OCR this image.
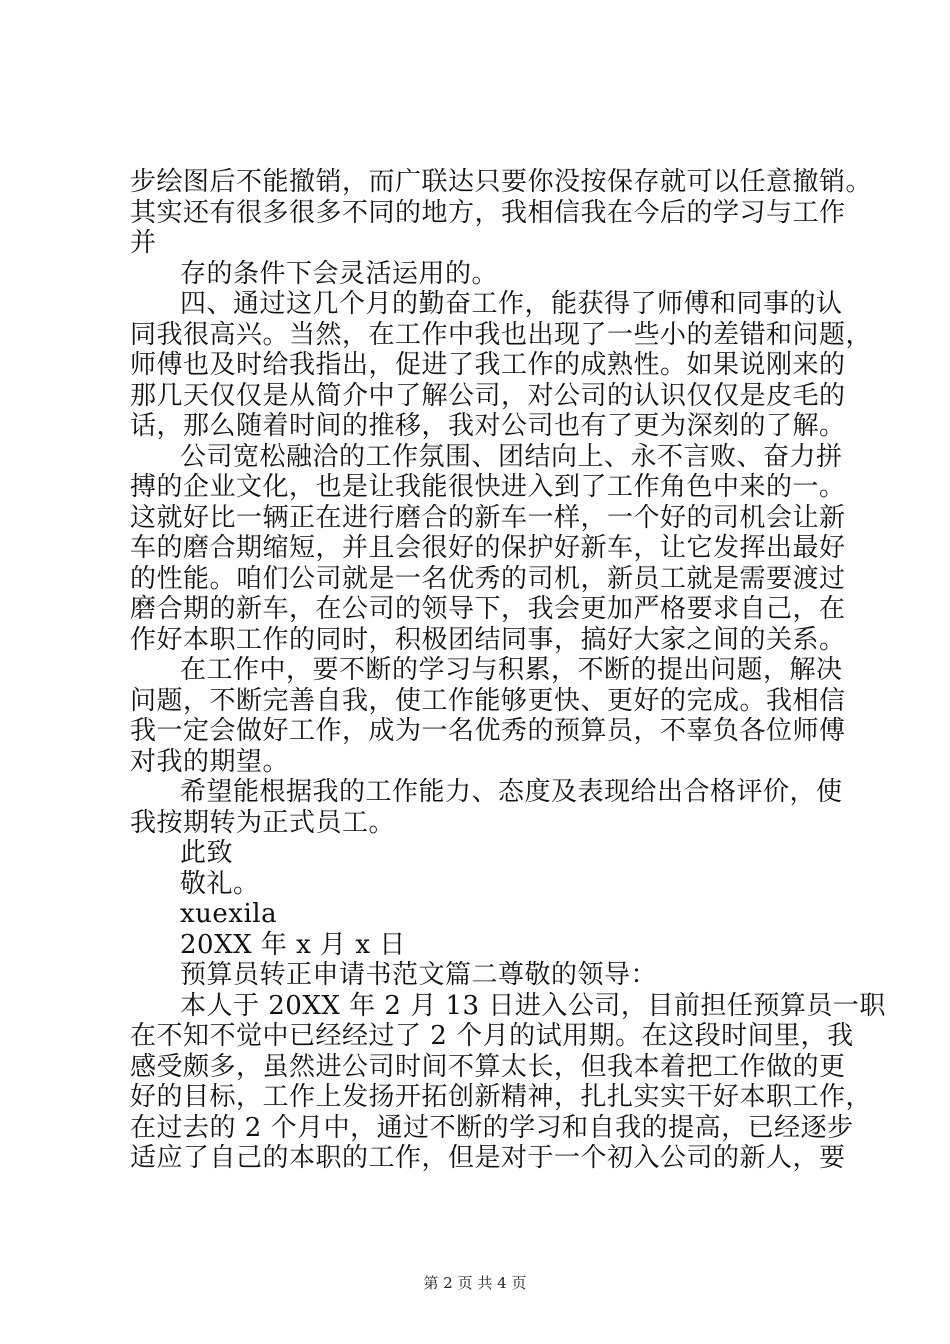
步绘图后不能撤销，而广联达只要你没按保存就可以任意撤销。
其实还有很多很多不同的地方，我相信我在今后的学习与工作
并
存的条件下会灵活运用的。
四、通过这几个月的勤奋工作，能获得了师傅和同事的认
同我很高兴。当然，在工作中我也出现了一些小的差错和问题，
师傅也及时给我指出，促进了我工作的成熟性。如果说刚来的
那几天仅仅是从简介中了解公司，对公司的认识仅仅是皮毛的
话，那么随着时间的推移，我对公司也有了更为深刻的了解。
公司宽松融洽的工作氛围、团结向上、永不言败、奋力拼
搏的企业文化，也是让我能很快进入到了工作角色中来的一。
这就好比一辆正在进行磨合的新车一样，一个好的司机会让新
车的磨合期缩短，并且会很好的保护好新车，让它发挥出最好
的性能。咱们公司就是一名优秀的司机，新员工就是需要渡过
磨合期的新车，在公司的领导下，我会更加严格要求自己，在
作好本职工作的同时，积极团结同事，搞好大家之间的关系。
在工作中，要不断的学习与积累，不断的提出问题，解决
问题，不断完善自我，使工作能够更快、更好的完成。我相信
我一定会做好工作，成为一名优秀的预算员，不辜负各位师傅
对我的期望。
希望能根据我的工作能力、态度及表现给出合格评价，使
我按期转为正式员工。
此致
敬礼。
xuexila
20XX 年 x 月 x 日
预算员转正申请书范文篇二尊敬的领导：
本人于 20XX 年 2 月 13 日进入公司，目前担任预算员一职
在不知不觉中已经经过了 2 个月的试用期。在这段时间里，我
感受颇多，虽然进公司时间不算太长，但我本着把工作做的更
好的目标，工作上发扬开拓创新精神，扎扎实实干好本职工作，
在过去的 2 个月中，通过不断的学习和自我的提高，已经逐步
适应了自己的本职的工作，但是对于一个初入公司的新人，要
第 2 页 共 4 页
